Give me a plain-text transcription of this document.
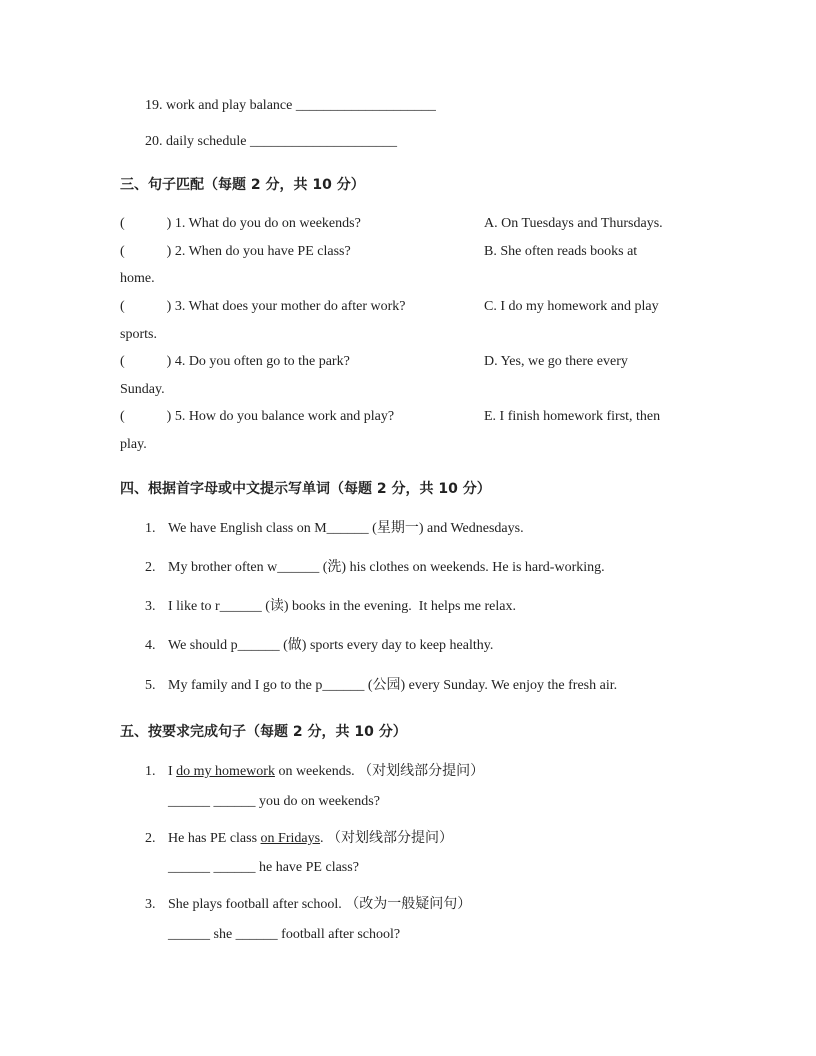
19. work and play balance ____________________
20. daily schedule _____________________
三、句子匹配（每题 2 分，共 10 分）
(            ) 1. What do you do on weekends?	A. On Tuesdays and Thursdays.
(            ) 2. When do you have PE class?	B. She often reads books at
home.
(            ) 3. What does your mother do after work?	C. I do my homework and play
sports.
(            ) 4. Do you often go to the park?	D. Yes, we go there every
Sunday.
(            ) 5. How do you balance work and play?	E. I finish homework first, then
play.
四、根据首字母或中文提示写单词（每题 2 分，共 10 分）
1. We have English class on M______ (星期一) and Wednesdays.
2. My brother often w______ (洗) his clothes on weekends. He is hard-working.
3. I like to r______ (读) books in the evening.  It helps me relax.
4. We should p______ (做) sports every day to keep healthy.
5. My family and I go to the p______ (公园) every Sunday. We enjoy the fresh air.
五、按要求完成句子（每题 2 分，共 10 分）
1. I do my homework on weekends. （对划线部分提问）
______ ______ you do on weekends?
2. He has PE class on Fridays. （对划线部分提问）
______ ______ he have PE class?
3. She plays football after school. （改为一般疑问句）
______ she ______ football after school?
